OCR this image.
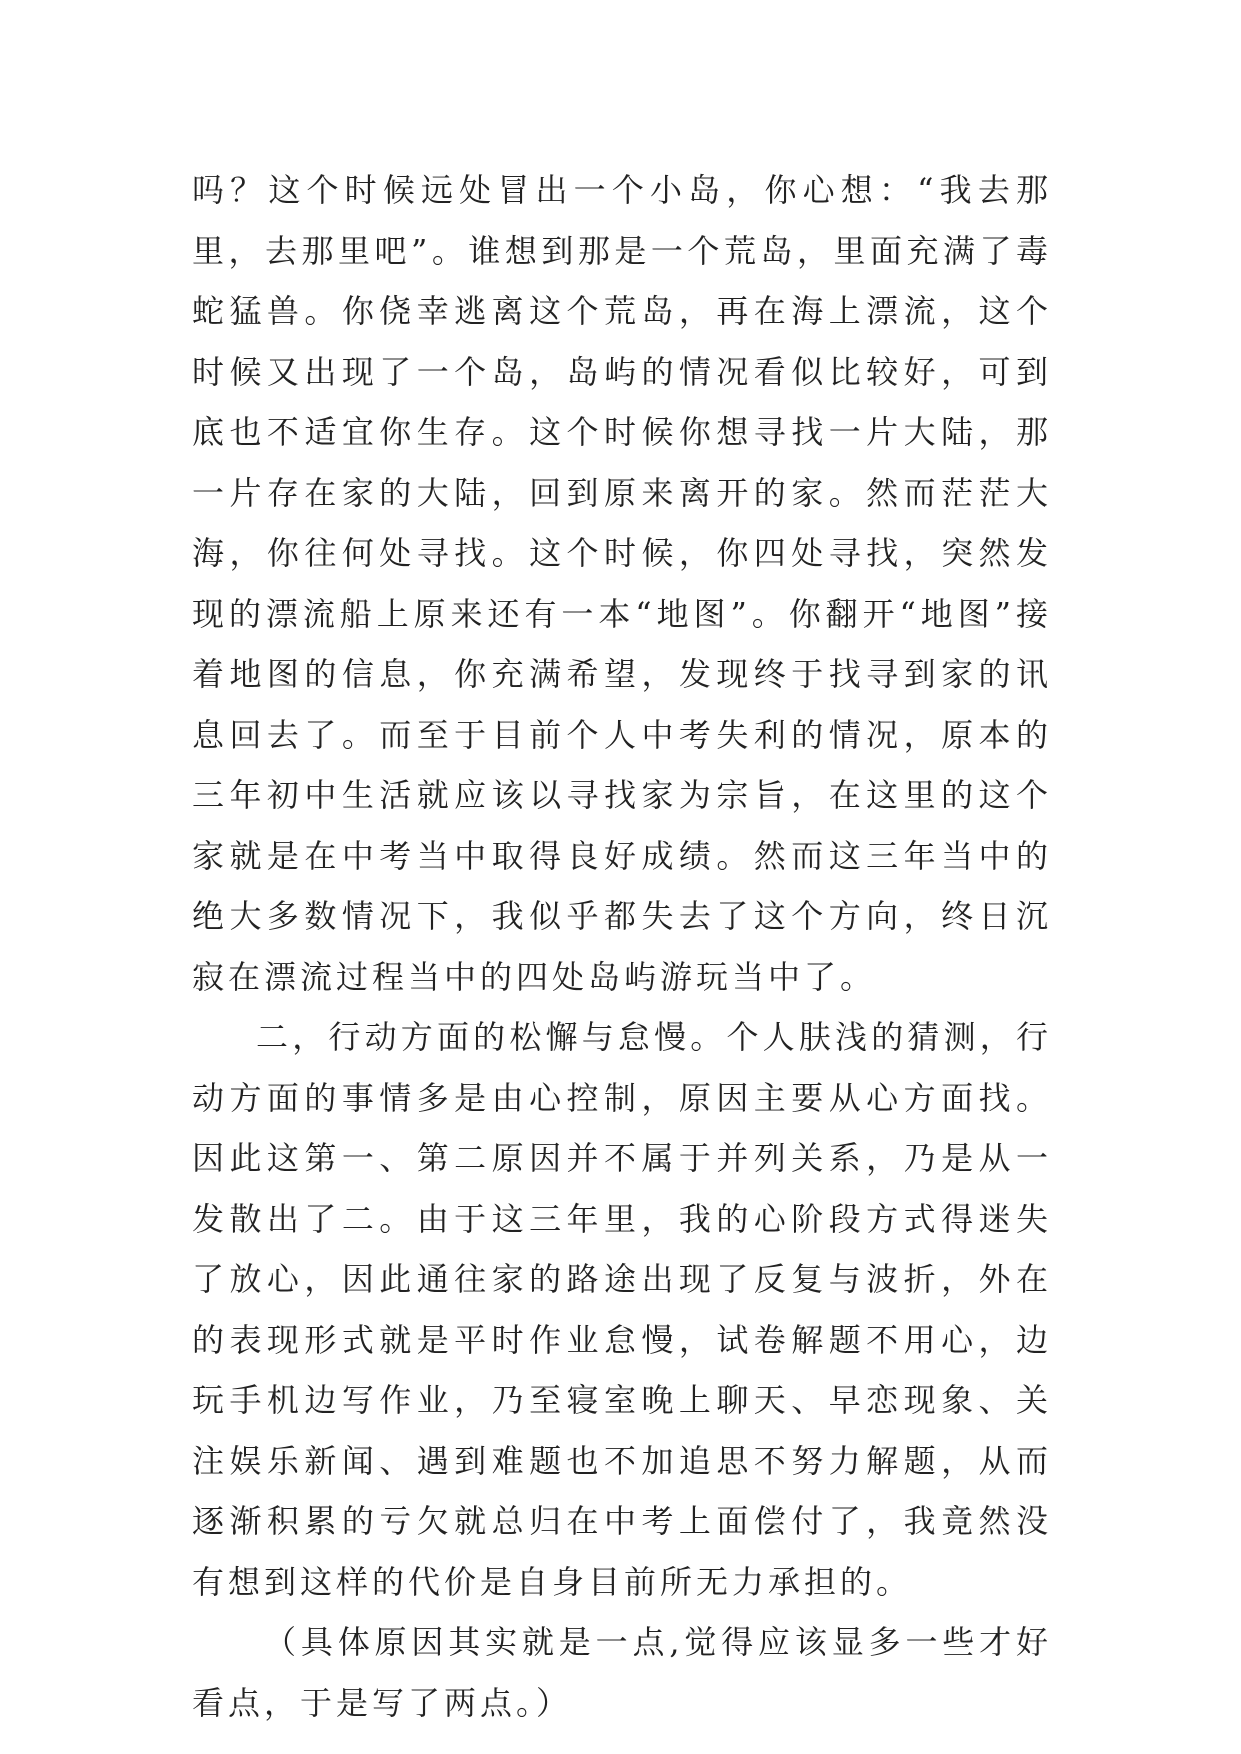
吗？这个时候远处冒出一个小岛，你心想：“我去那里，去那里吧”。谁想到那是一个荒岛，里面充满了毒蛇猛兽。你侥幸逃离这个荒岛，再在海上漂流，这个时候又出现了一个岛，岛屿的情况看似比较好，可到底也不适宜你生存。这个时候你想寻找一片大陆，那一片存在家的大陆，回到原来离开的家。然而茫茫大海，你往何处寻找。这个时候，你四处寻找，突然发现的漂流船上原来还有一本“地图”。你翻开“地图”接着地图的信息，你充满希望，发现终于找寻到家的讯息回去了。而至于目前个人中考失利的情况，原本的三年初中生活就应该以寻找家为宗旨，在这里的这个家就是在中考当中取得良好成绩。然而这三年当中的绝大多数情况下，我似乎都失去了这个方向，终日沉寂在漂流过程当中的四处岛屿游玩当中了。

二，行动方面的松懈与怠慢。个人肤浅的猜测，行动方面的事情多是由心控制，原因主要从心方面找。因此这第一、第二原因并不属于并列关系，乃是从一发散出了二。由于这三年里，我的心阶段方式得迷失了放心，因此通往家的路途出现了反复与波折，外在的表现形式就是平时作业怠慢，试卷解题不用心，边玩手机边写作业，乃至寝室晚上聊天、早恋现象、关注娱乐新闻、遇到难题也不加追思不努力解题，从而逐渐积累的亏欠就总归在中考上面偿付了，我竟然没有想到这样的代价是自身目前所无力承担的。

（具体原因其实就是一点,觉得应该显多一些才好看点，于是写了两点。）
